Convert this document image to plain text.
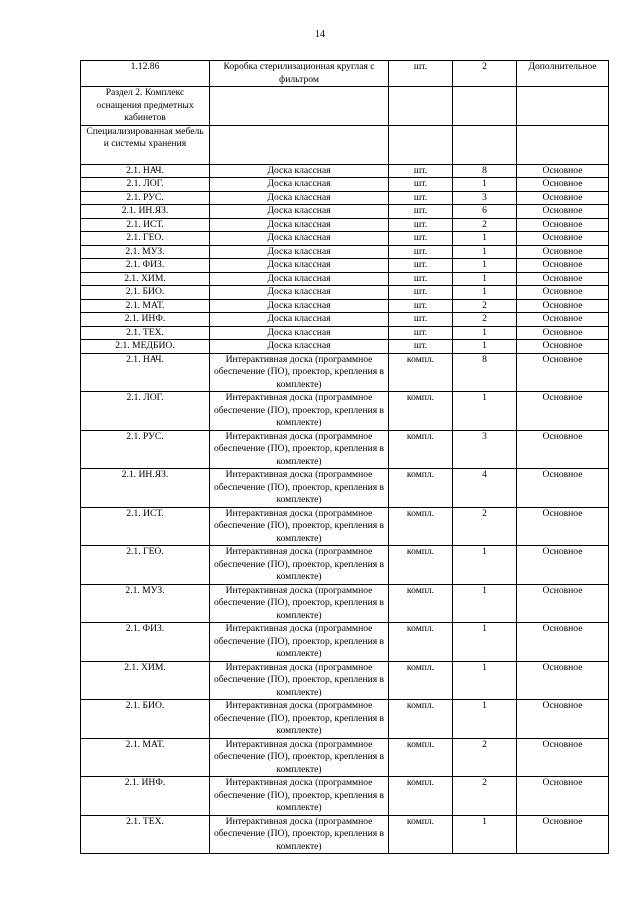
14
1.12.86	Коробка стерилизационная круглая с фильтром	шт.	2	Дополнительное
Раздел 2. Комплекс оснащения предметных кабинетов				
Специализированная мебель и системы хранения				
2.1. НАЧ.	Доска классная	шт.	8	Основное
2.1. ЛОГ.	Доска классная	шт.	1	Основное
2.1. РУС.	Доска классная	шт.	3	Основное
2.1. ИН.ЯЗ.	Доска классная	шт.	6	Основное
2.1. ИСТ.	Доска классная	шт.	2	Основное
2.1. ГЕО.	Доска классная	шт.	1	Основное
2.1. МУЗ.	Доска классная	шт.	1	Основное
2.1. ФИЗ.	Доска классная	шт.	1	Основное
2.1. ХИМ.	Доска классная	шт.	1	Основное
2.1. БИО.	Доска классная	шт.	1	Основное
2.1. МАТ.	Доска классная	шт.	2	Основное
2.1. ИНФ.	Доска классная	шт.	2	Основное
2.1. ТЕХ.	Доска классная	шт.	1	Основное
2.1. МЕДБИО.	Доска классная	шт.	1	Основное
2.1. НАЧ.	Интерактивная доска (программное обеспечение (ПО), проектор, крепления в комплекте)	компл.	8	Основное
2.1. ЛОГ.	Интерактивная доска (программное обеспечение (ПО), проектор, крепления в комплекте)	компл.	1	Основное
2.1. РУС.	Интерактивная доска (программное обеспечение (ПО), проектор, крепления в комплекте)	компл.	3	Основное
2.1. ИН.ЯЗ.	Интерактивная доска (программное обеспечение (ПО), проектор, крепления в комплекте)	компл.	4	Основное
2.1. ИСТ.	Интерактивная доска (программное обеспечение (ПО), проектор, крепления в комплекте)	компл.	2	Основное
2.1. ГЕО.	Интерактивная доска (программное обеспечение (ПО), проектор, крепления в комплекте)	компл.	1	Основное
2.1. МУЗ.	Интерактивная доска (программное обеспечение (ПО), проектор, крепления в комплекте)	компл.	1	Основное
2.1. ФИЗ.	Интерактивная доска (программное обеспечение (ПО), проектор, крепления в комплекте)	компл.	1	Основное
2.1. ХИМ.	Интерактивная доска (программное обеспечение (ПО), проектор, крепления в комплекте)	компл.	1	Основное
2.1. БИО.	Интерактивная доска (программное обеспечение (ПО), проектор, крепления в комплекте)	компл.	1	Основное
2.1. МАТ.	Интерактивная доска (программное обеспечение (ПО), проектор, крепления в комплекте)	компл.	2	Основное
2.1. ИНФ.	Интерактивная доска (программное обеспечение (ПО), проектор, крепления в комплекте)	компл.	2	Основное
2.1. ТЕХ.	Интерактивная доска (программное обеспечение (ПО), проектор, крепления в комплекте)	компл.	1	Основное
